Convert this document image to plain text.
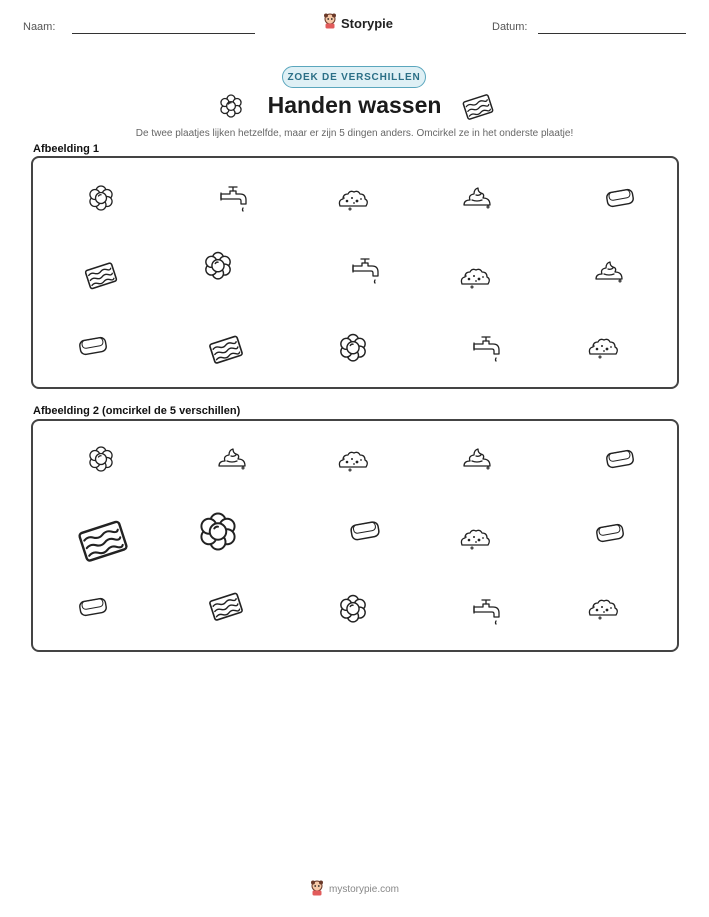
Naam:	Storypie	Datum:
ZOEK DE VERSCHILLEN
Handen wassen
De twee plaatjes lijken hetzelfde, maar er zijn 5 dingen anders. Omcirkel ze in het onderste plaatje!
Afbeelding 1
Afbeelding 2 (omcirkel de 5 verschillen)
mystorypie.com
